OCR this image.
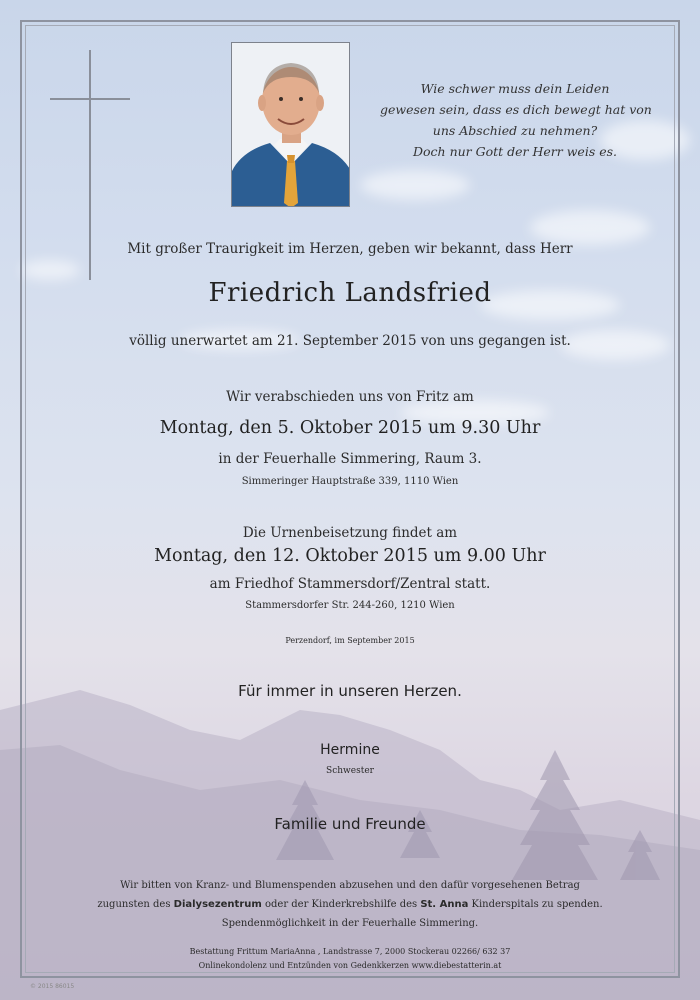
Wie schwer muss dein Leiden
gewesen sein, dass es dich bewegt hat von
uns Abschied zu nehmen?
Doch nur Gott der Herr weis es.
Mit großer Traurigkeit im Herzen, geben wir bekannt, dass Herr
Friedrich Landsfried
völlig unerwartet am 21. September 2015 von uns gegangen ist.
Wir verabschieden uns von Fritz am
Montag, den 5. Oktober 2015 um 9.30 Uhr
in der Feuerhalle Simmering, Raum 3.
Simmeringer Hauptstraße 339, 1110 Wien
Die Urnenbeisetzung findet am
Montag, den 12. Oktober 2015 um 9.00 Uhr
am Friedhof Stammersdorf/Zentral statt.
Stammersdorfer Str. 244-260, 1210 Wien
Perzendorf, im September 2015
Für immer in unseren Herzen.
Hermine
Schwester
Familie und Freunde
Wir bitten von Kranz- und Blumenspenden abzusehen und den dafür vorgesehenen Betrag
zugunsten des Dialysezentrum oder der Kinderkrebshilfe des St. Anna Kinderspitals zu spenden.
Spendenmöglichkeit in der Feuerhalle Simmering.
Bestattung Frittum MariaAnna , Landstrasse 7, 2000 Stockerau 02266/ 632 37
Onlinekondolenz und Entzünden von Gedenkkerzen www.diebestatterin.at
© 2015 86015
